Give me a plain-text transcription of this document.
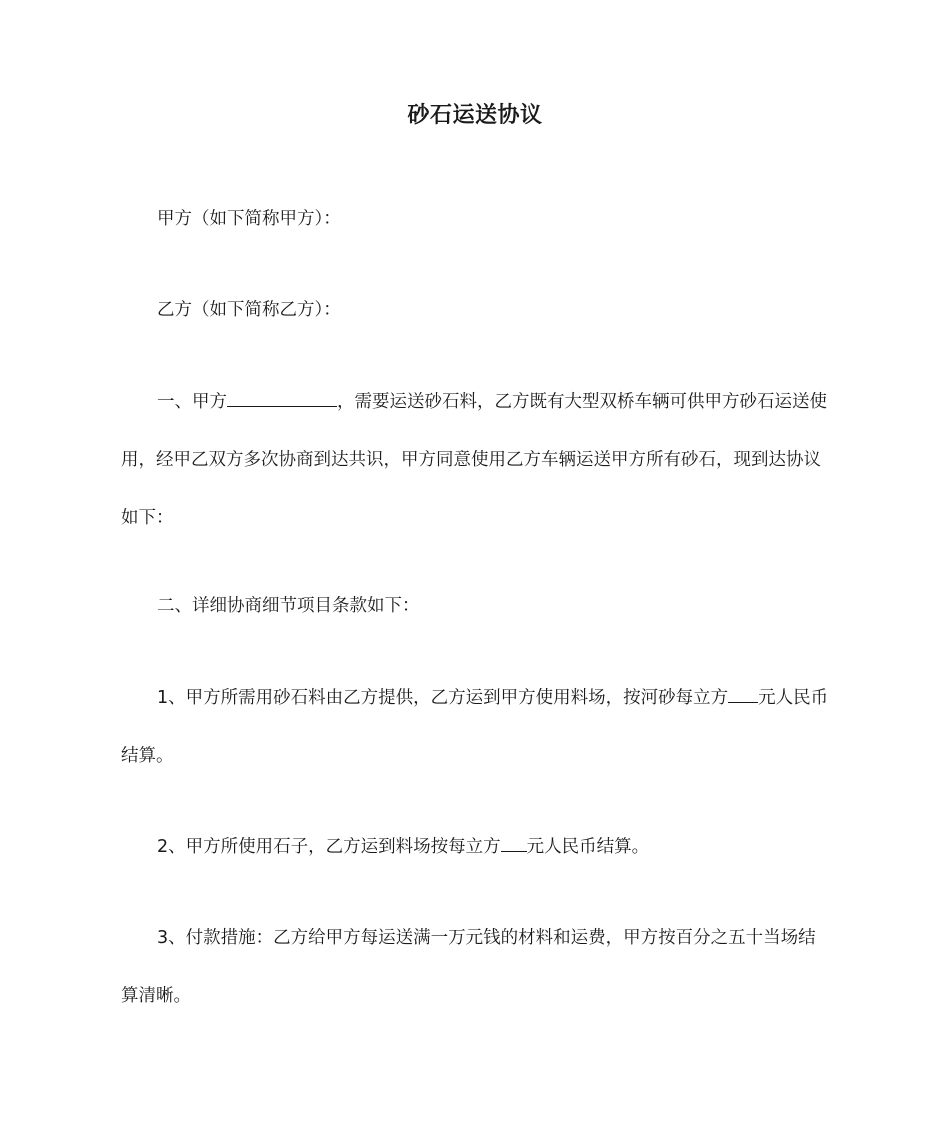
砂石运送协议

甲方（如下简称甲方）：

乙方（如下简称乙方）：

一、甲方	，需要运送砂石料，乙方既有大型双桥车辆可供甲方砂石运送使用，经甲乙双方多次协商到达共识，甲方同意使用乙方车辆运送甲方所有砂石，现到达协议如下：

二、详细协商细节项目条款如下：

1、甲方所需用砂石料由乙方提供，乙方运到甲方使用料场，按河砂每立方 元人民币结算。

2、甲方所使用石子，乙方运到料场按每立方 元人民币结算。

3、付款措施：乙方给甲方每运送满一万元钱的材料和运费，甲方按百分之五十当场结算清晰。
